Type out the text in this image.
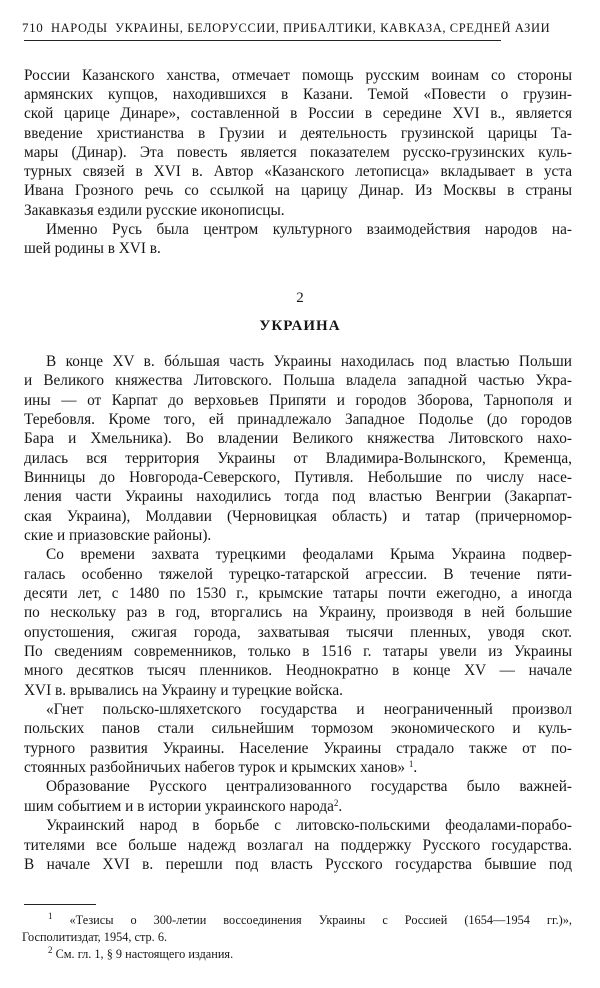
710 НАРОДЫ  УКРАИНЫ, БЕЛОРУССИИ, ПРИБАЛТИКИ, КАВКАЗА, СРЕДНЕЙ АЗИИ
России Казанского ханства, отмечает помощь русским воинам со стороны
армянских купцов, находившихся в Казани. Темой «Повести о грузин-
ской царице Динаре», составленной в России в середине XVI в., является
введение христианства в Грузии и деятельность грузинской царицы Та-
мары (Динар). Эта повесть является показателем русско-грузинских куль-
турных связей в XVI в. Автор «Казанского летописца» вкладывает в уста
Ивана Грозного речь со ссылкой на царицу Динар. Из Москвы в страны
Закавказья ездили русские иконописцы.
Именно Русь была центром культурного взаимодействия народов на-
шей родины в XVI в.
2
УКРАИНА
В конце XV в. бóльшая часть Украины находилась под властью Польши
и Великого княжества Литовского. Польша владела западной частью Укра-
ины — от Карпат до верховьев Припяти и городов Зборова, Тарнополя и
Теребовля. Кроме того, ей принадлежало Западное Подолье (до городов
Бара и Хмельника). Во владении Великого княжества Литовского нахо-
дилась вся территория Украины от Владимира-Волынского, Кременца,
Винницы до Новгорода-Северского, Путивля. Небольшие по числу насе-
ления части Украины находились тогда под властью Венгрии (Закарпат-
ская Украина), Молдавии (Черновицкая область) и татар (причерномор-
ские и приазовские районы).
Со времени захвата турецкими феодалами Крыма Украина подвер-
галась особенно тяжелой турецко-татарской агрессии. В течение пяти-
десяти лет, с 1480 по 1530 г., крымские татары почти ежегодно, а иногда
по нескольку раз в год, вторгались на Украину, производя в ней большие
опустошения, сжигая города, захватывая тысячи пленных, уводя скот.
По сведениям современников, только в 1516 г. татары увели из Украины
много десятков тысяч пленников. Неоднократно в конце XV — начале
XVI в. врывались на Украину и турецкие войска.
«Гнет польско-шляхетского государства и неограниченный произвол
польских панов стали сильнейшим тормозом экономического и куль-
турного развития Украины. Население Украины страдало также от по-
стоянных разбойничьих набегов турок и крымских ханов» $^1$.
Образование Русского централизованного государства было важней-
шим событием и в истории украинского народа$^2$.
Украинский народ в борьбе с литовско-польскими феодалами-порабо-
тителями все больше надежд возлагал на поддержку Русского государства.
В начале XVI в. перешли под власть Русского государства бывшие под
$^1$ «Тезисы о 300-летии воссоединения Украины с Россией (1654—1954 гг.)»,
Госполитиздат, 1954, стр. 6.
$^2$ См. гл. 1, § 9 настоящего издания.
